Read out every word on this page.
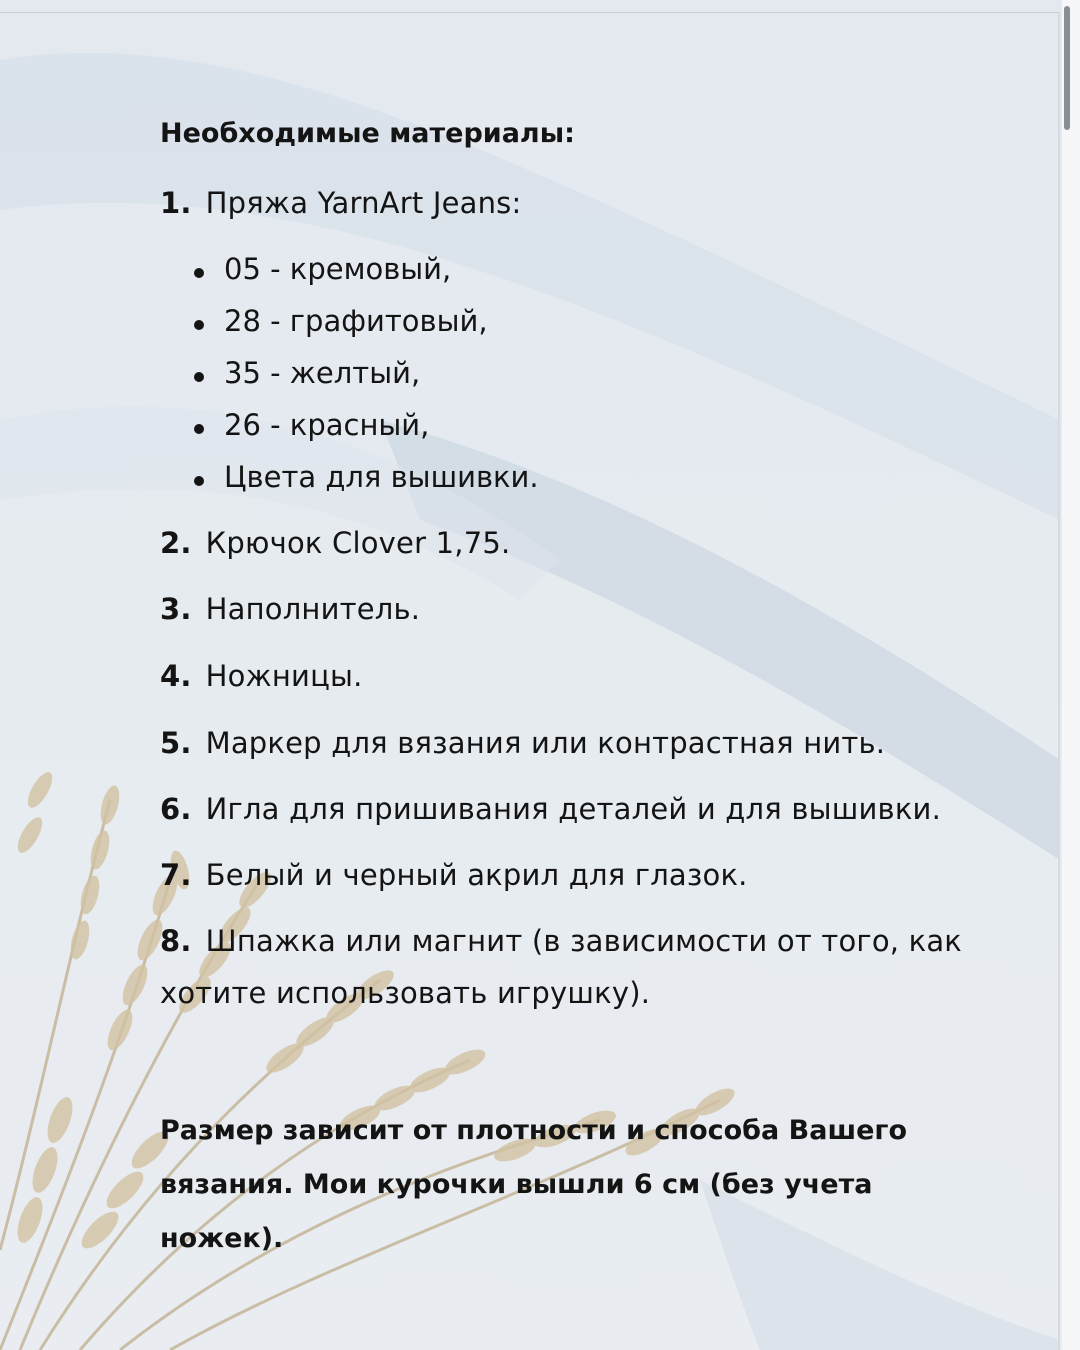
Необходимые материалы:
1. Пряжа YarnArt Jeans:
05 - кремовый,
28 - графитовый,
35 - желтый,
26 - красный,
Цвета для вышивки.
2. Крючок Clover 1,75.
3. Наполнитель.
4. Ножницы.
5. Маркер для вязания или контрастная нить.
6. Игла для пришивания деталей и для вышивки.
7. Белый и черный акрил для глазок.
8. Шпажка или магнит (в зависимости от того, как
хотите использовать игрушку).
Размер зависит от плотности и способа Вашего
вязания. Мои курочки вышли 6 см (без учета
ножек).
